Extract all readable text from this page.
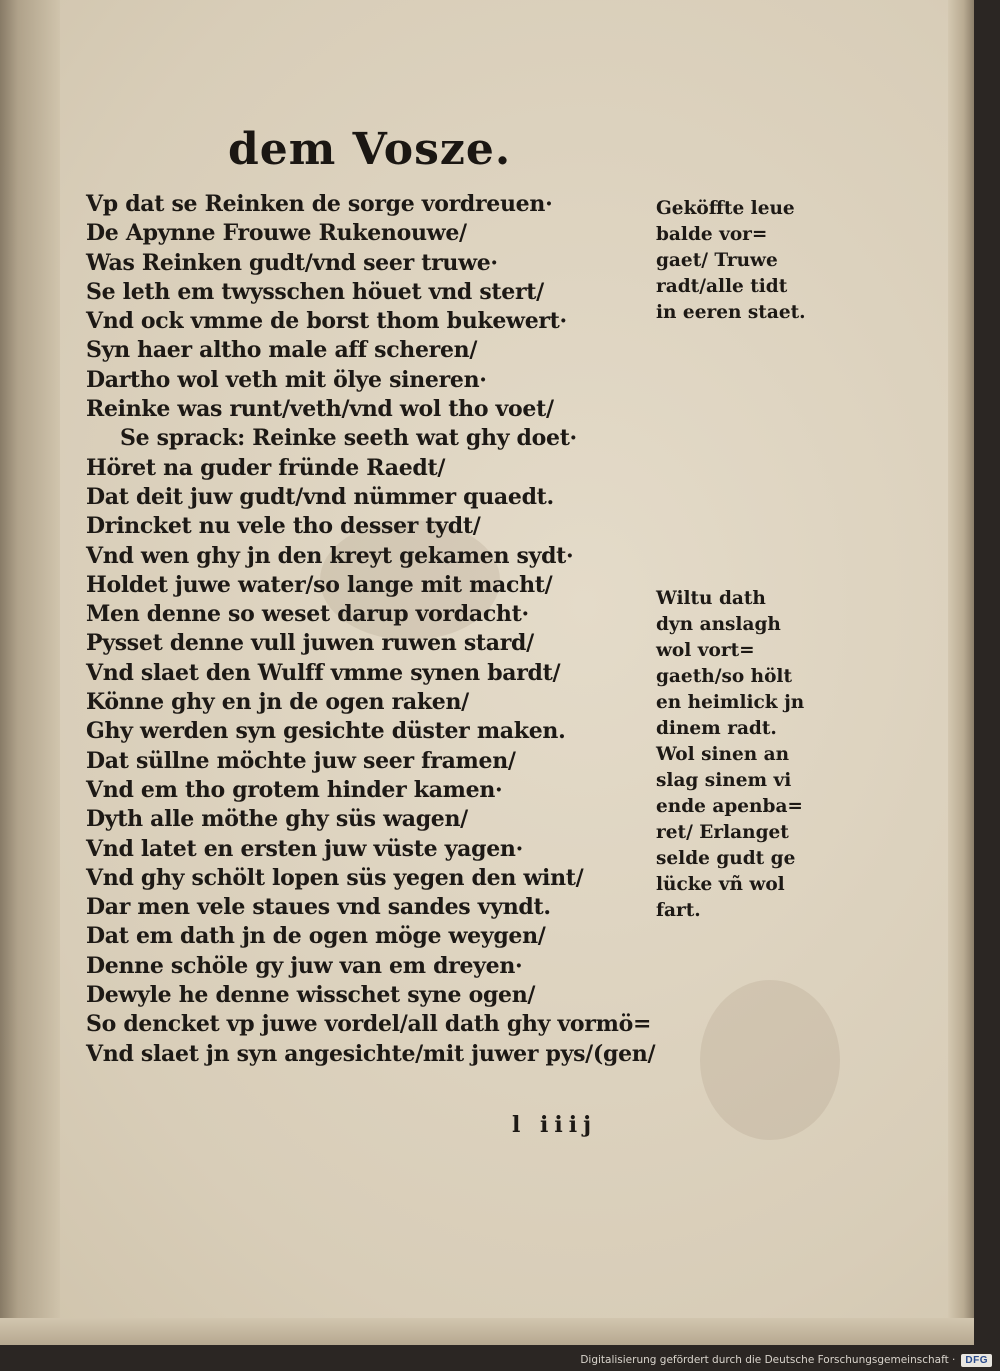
dem Vosze.
Vp dat se Reinken de sorge vordreuen·
De Apynne Frouwe Rukenouwe/
Was Reinken gudt/vnd seer truwe·
Se leth em twysschen höuet vnd stert/
Vnd ock vmme de borst thom bukewert·
Syn haer altho male aff scheren/
Dartho wol veth mit ölye sineren·
Reinke was runt/veth/vnd wol tho voet/
Se sprack: Reinke seeth wat ghy doet·
Höret na guder fründe Raedt/
Dat deit juw gudt/vnd nümmer quaedt.
Drincket nu vele tho desser tydt/
Vnd wen ghy jn den kreyt gekamen sydt·
Holdet juwe water/so lange mit macht/
Men denne so weset darup vordacht·
Pysset denne vull juwen ruwen stard/
Vnd slaet den Wulff vmme synen bardt/
Könne ghy en jn de ogen raken/
Ghy werden syn gesichte düster maken.
Dat süllne möchte juw seer framen/
Vnd em tho grotem hinder kamen·
Dyth alle möthe ghy süs wagen/
Vnd latet en ersten juw vüste yagen·
Vnd ghy schölt lopen süs yegen den wint/
Dar men vele staues vnd sandes vyndt.
Dat em dath jn de ogen möge weygen/
Denne schöle gy juw van em dreyen·
Dewyle he denne wisschet syne ogen/
So dencket vp juwe vordel/all dath ghy vormö=
Vnd slaet jn syn angesichte/mit juwer pys/(gen/
Geköffte leue
balde vor=
gaet/ Truwe
radt/alle tidt
in eeren staet.
Wiltu dath
dyn anslagh
wol vort=
gaeth/so hölt
en heimlick jn
dinem radt.
Wol sinen an
slag sinem vi
ende apenba=
ret/ Erlanget
selde gudt ge
lücke vñ wol
fart.
l iiij
Digitalisierung gefördert durch die Deutsche Forschungsgemeinschaft ·	DFG
